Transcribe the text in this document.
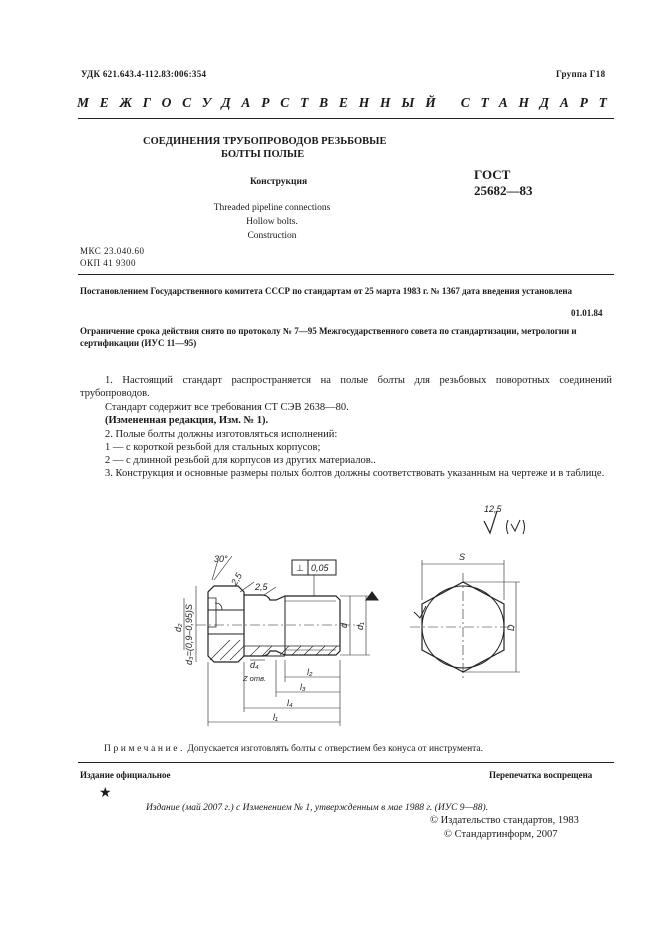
УДК 621.643.4-112.83:006:354	Группа Г18
МЕЖГОСУДАРСТВЕННЫЙ СТАНДАРТ
СОЕДИНЕНИЯ ТРУБОПРОВОДОВ РЕЗЬБОВЫЕ
БОЛТЫ ПОЛЫЕ
Конструкция	ГОСТ
25682—83
Threaded pipeline connections
Hollow bolts.
Construction
МКС 23.040.60
ОКП 41 9300
Постановлением Государственного комитета СССР по стандартам от 25 марта 1983 г. № 1367 дата введения установлена
01.01.84
Ограничение срока действия снято по протоколу № 7—95 Межгосударственного совета по стандартизации, метрологии и сертификации (ИУС 11—95)
1. Настоящий стандарт распространяется на полые болты для резьбовых поворотных соединений трубопроводов.
Стандарт содержит все требования СТ СЭВ 2638—80.
(Измененная редакция, Изм. № 1).
2. Полые болты должны изготовляться исполнений:
1 — с короткой резьбой для стальных корпусов;
2 — с длинной резьбой для корпусов из других материалов..
3. Конструкция и основные размеры полых болтов должны соответствовать указанным на чертеже и в таблице.
12,5
30°
2,5 2,5
⊥ 0,05
d₃=(0,9–0,95)S
d₂	d d₁
d₄
Z отв.
l₂
l₃
l₄
l₁
S
D
Примечание. Допускается изготовлять болты с отверстием без конуса от инструмента.
Издание официальное	Перепечатка воспрещена
★
Издание (май 2007 г.) с Изменением № 1, утвержденным в мае 1988 г. (ИУС 9—88).
© Издательство стандартов, 1983
© Стандартинформ, 2007
